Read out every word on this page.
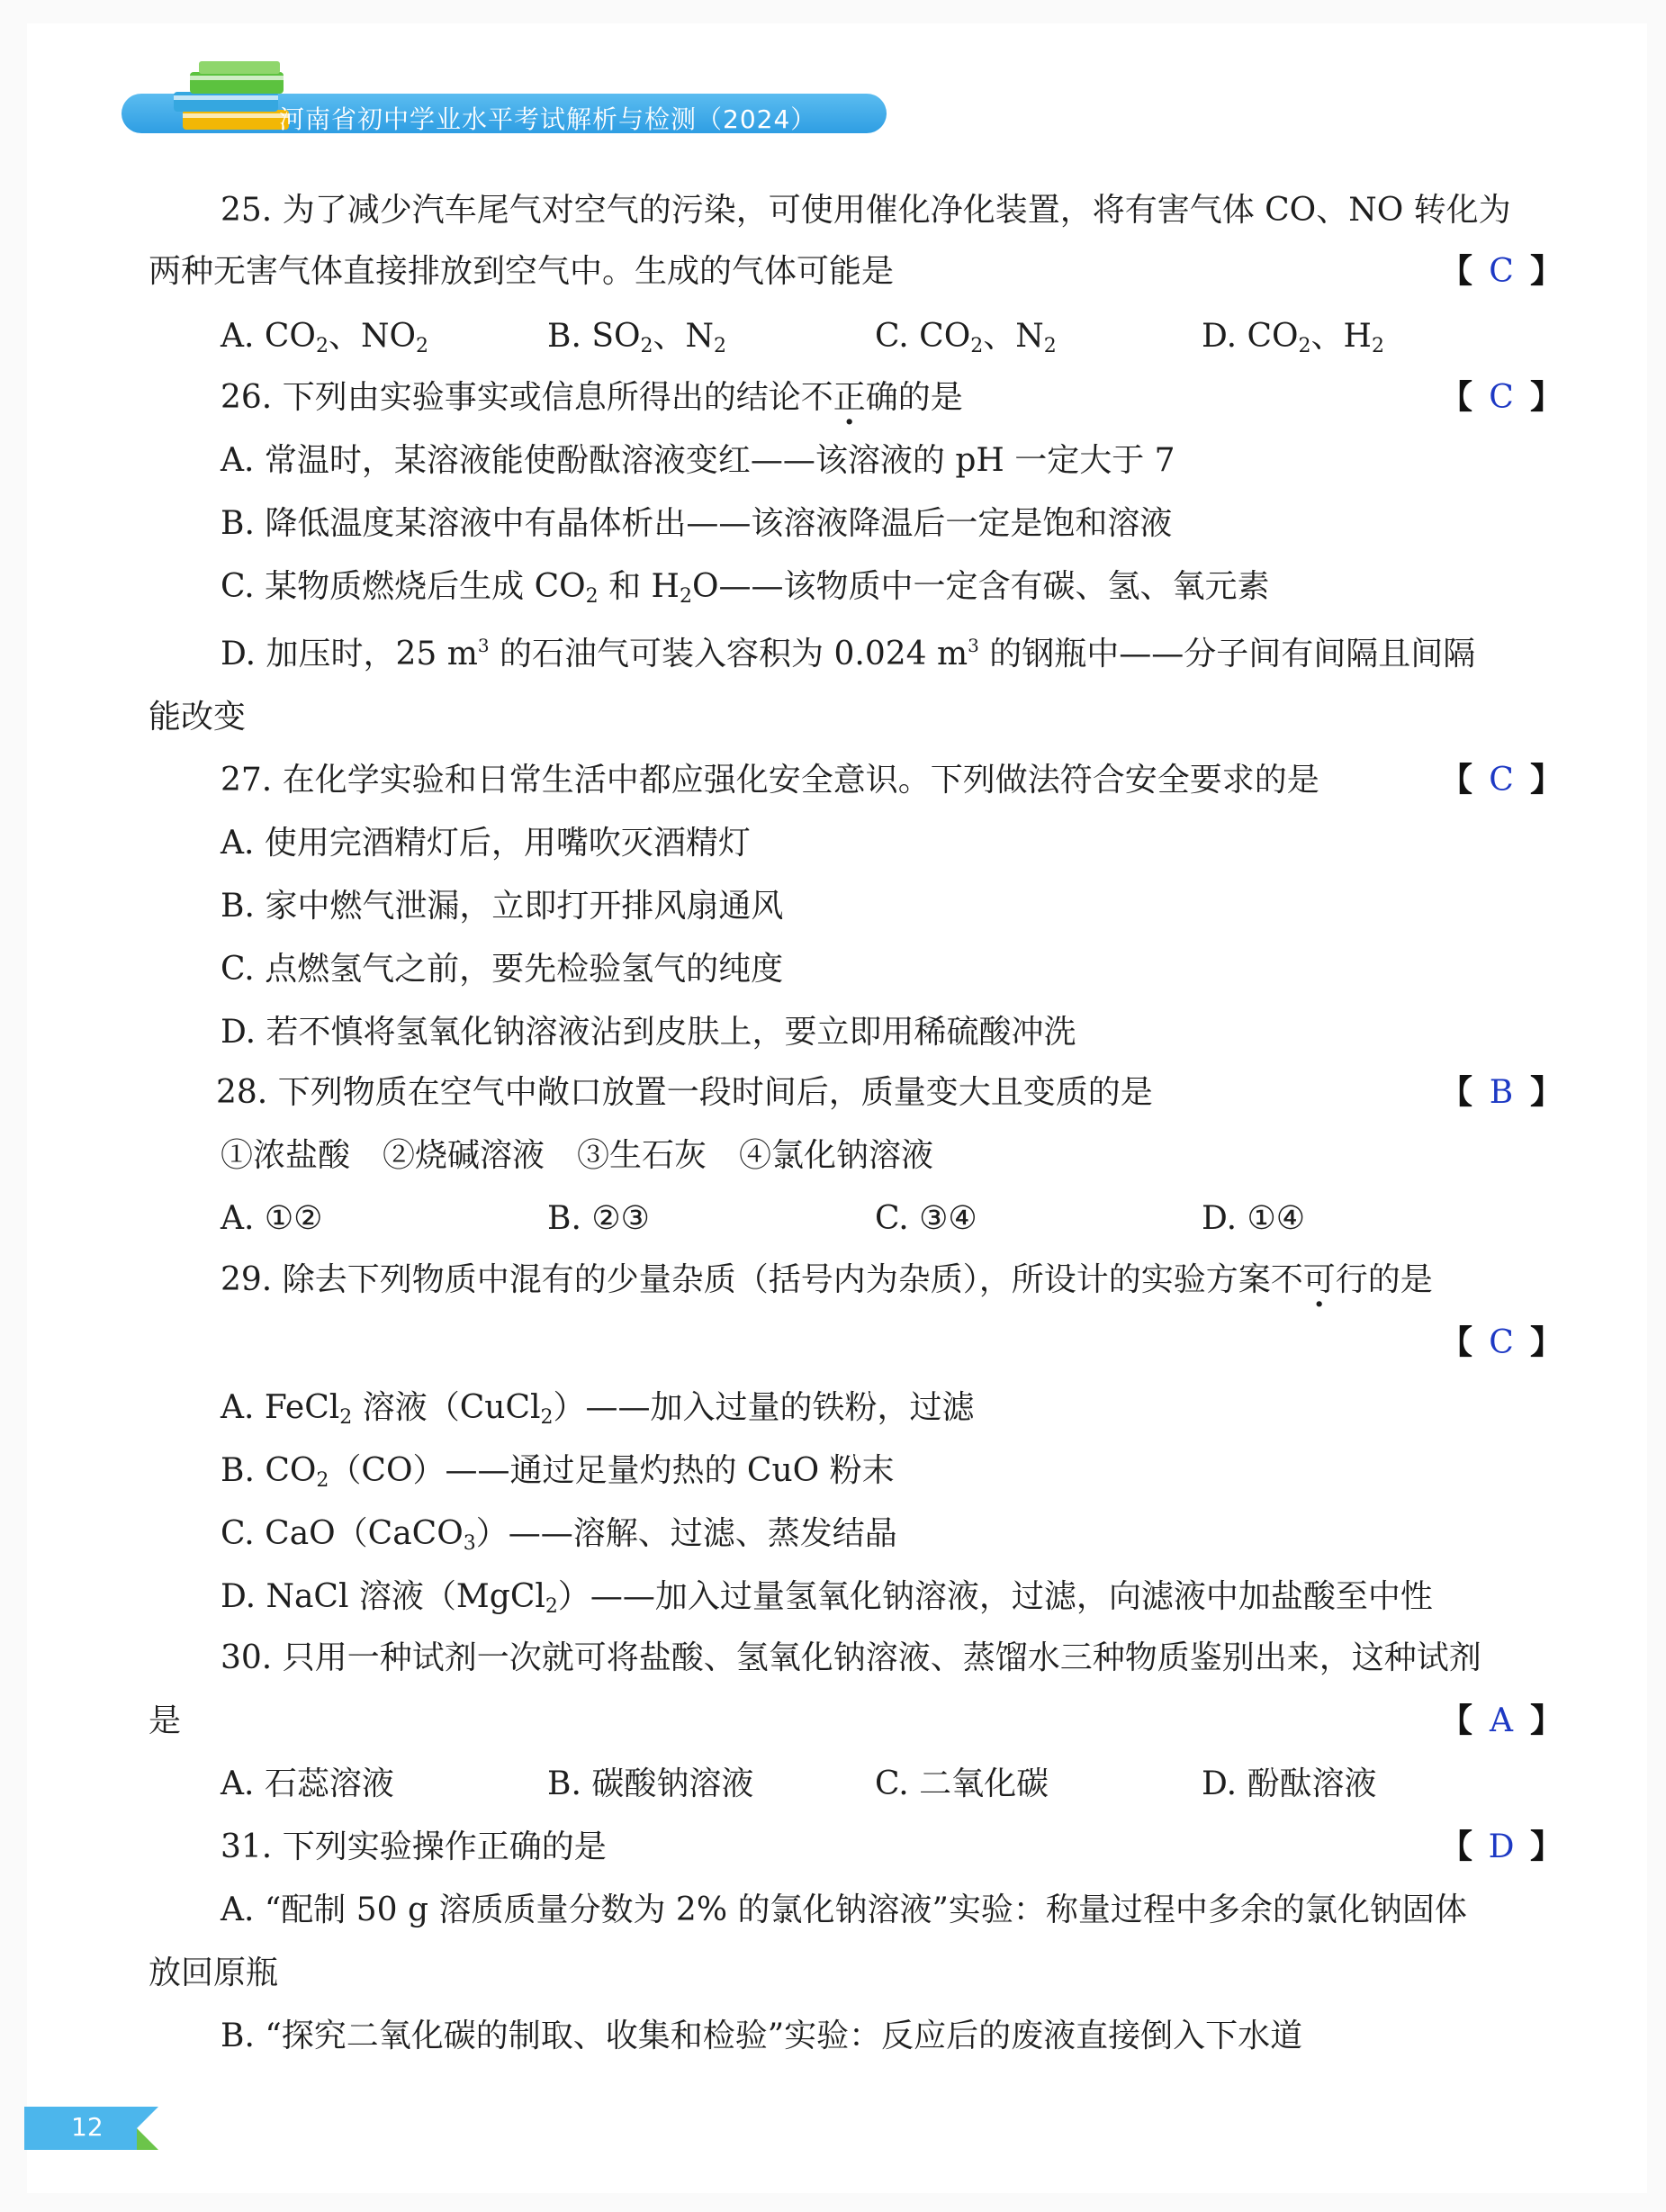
河南省初中学业水平考试解析与检测（2024）
25. 为了减少汽车尾气对空气的污染，可使用催化净化装置，将有害气体 CO、NO 转化为
两种无害气体直接排放到空气中。生成的气体可能是	【 C 】
A. $CO_2$、$NO_2$	B. $SO_2$、$N_2$	C. $CO_2$、$N_2$	D. $CO_2$、$H_2$
26. 下列由实验事实或信息所得出的结论不正确的是	【 C 】
A. 常温时，某溶液能使酚酞溶液变红——该溶液的 pH 一定大于 7
B. 降低温度某溶液中有晶体析出——该溶液降温后一定是饱和溶液
C. 某物质燃烧后生成 $CO_2$ 和 $H_2O——$该物质中一定含有碳、氢、氧元素
D. 加压时，25 $m^3$ 的石油气可装入容积为 0.024 $m^3$ 的钢瓶中——分子间有间隔且间隔
能改变
27. 在化学实验和日常生活中都应强化安全意识。下列做法符合安全要求的是	【 C 】
A. 使用完酒精灯后，用嘴吹灭酒精灯
B. 家中燃气泄漏，立即打开排风扇通风
C. 点燃氢气之前，要先检验氢气的纯度
D. 若不慎将氢氧化钠溶液沾到皮肤上，要立即用稀硫酸冲洗
28. 下列物质在空气中敞口放置一段时间后，质量变大且变质的是	【 B 】
①浓盐酸　②烧碱溶液　③生石灰　④氯化钠溶液
A. ①②	B. ②③	C. ③④	D. ①④
29. 除去下列物质中混有的少量杂质（括号内为杂质），所设计的实验方案不可行的是
【 C 】
A. FeCl$_2$ 溶液（CuCl$_2$）——加入过量的铁粉，过滤
B. $CO_2(CO)——$通过足量灼热的 CuO 粉末
C. CaO（CaCO$_3$）——溶解、过滤、蒸发结晶
D. NaCl 溶液（MgCl$_2$）——加入过量氢氧化钠溶液，过滤，向滤液中加盐酸至中性
30. 只用一种试剂一次就可将盐酸、氢氧化钠溶液、蒸馏水三种物质鉴别出来，这种试剂
是	【 A 】
A. 石蕊溶液	B. 碳酸钠溶液	C. 二氧化碳	D. 酚酞溶液
31. 下列实验操作正确的是	【 D 】
A. “配制 50 g 溶质质量分数为 2% 的氯化钠溶液”实验：称量过程中多余的氯化钠固体
放回原瓶
B. “探究二氧化碳的制取、收集和检验”实验：反应后的废液直接倒入下水道
12
